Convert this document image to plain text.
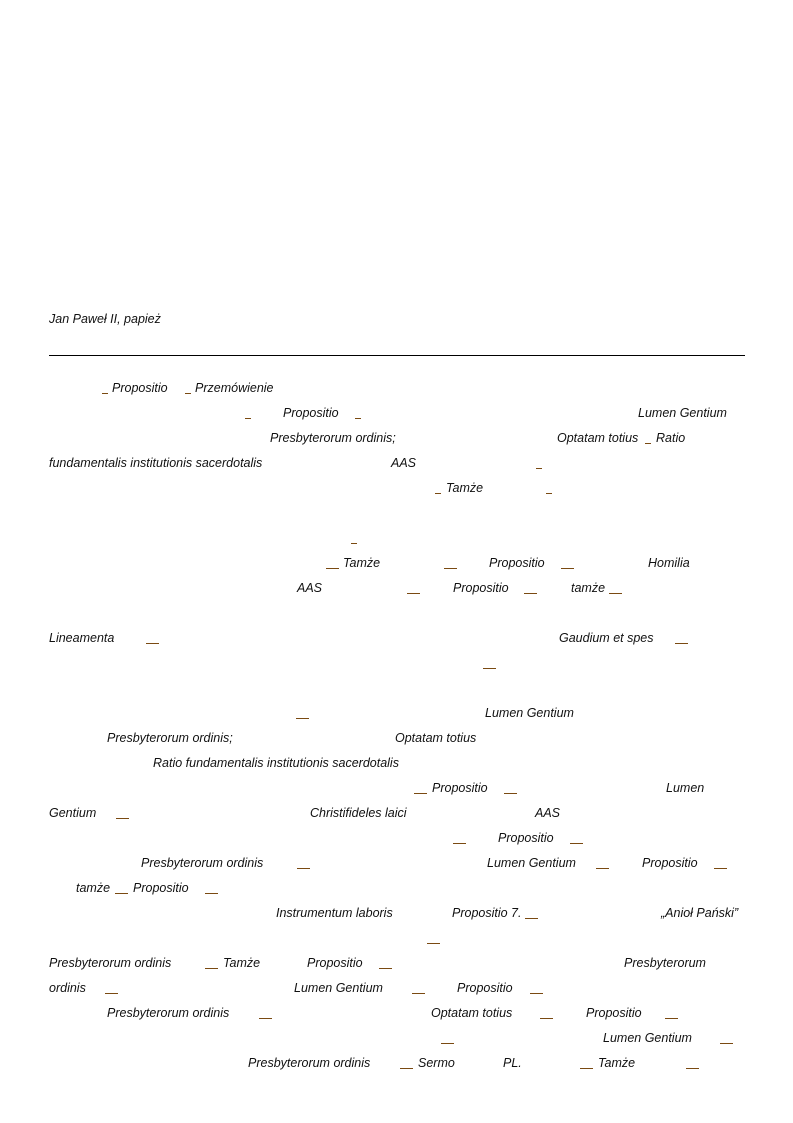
Jan Paweł II, papież
Propositio Przemówienie
Propositio	Lumen Gentium
Presbyterorum ordinis;	Optatam totius Ratio
fundamentalis institutionis sacerdotalis	AAS
Tamże
Tamże	Propositio	Homilia
AAS	Propositio	tamże
Lineamenta	Gaudium et spes
Lumen Gentium
Presbyterorum ordinis;	Optatam totius
Ratio fundamentalis institutionis sacerdotalis
Propositio	Lumen
Gentium	Christifideles laici	AAS
Propositio
Presbyterorum ordinis	Lumen Gentium	Propositio
tamże Propositio
Instrumentum laboris	Propositio 7.	„Anioł Pański”
Presbyterorum ordinis	Tamże	Propositio	Presbyterorum
ordinis	Lumen Gentium	Propositio
Presbyterorum ordinis	Optatam totius	Propositio
Lumen Gentium
Presbyterorum ordinis	Sermo	PL.	Tamże
